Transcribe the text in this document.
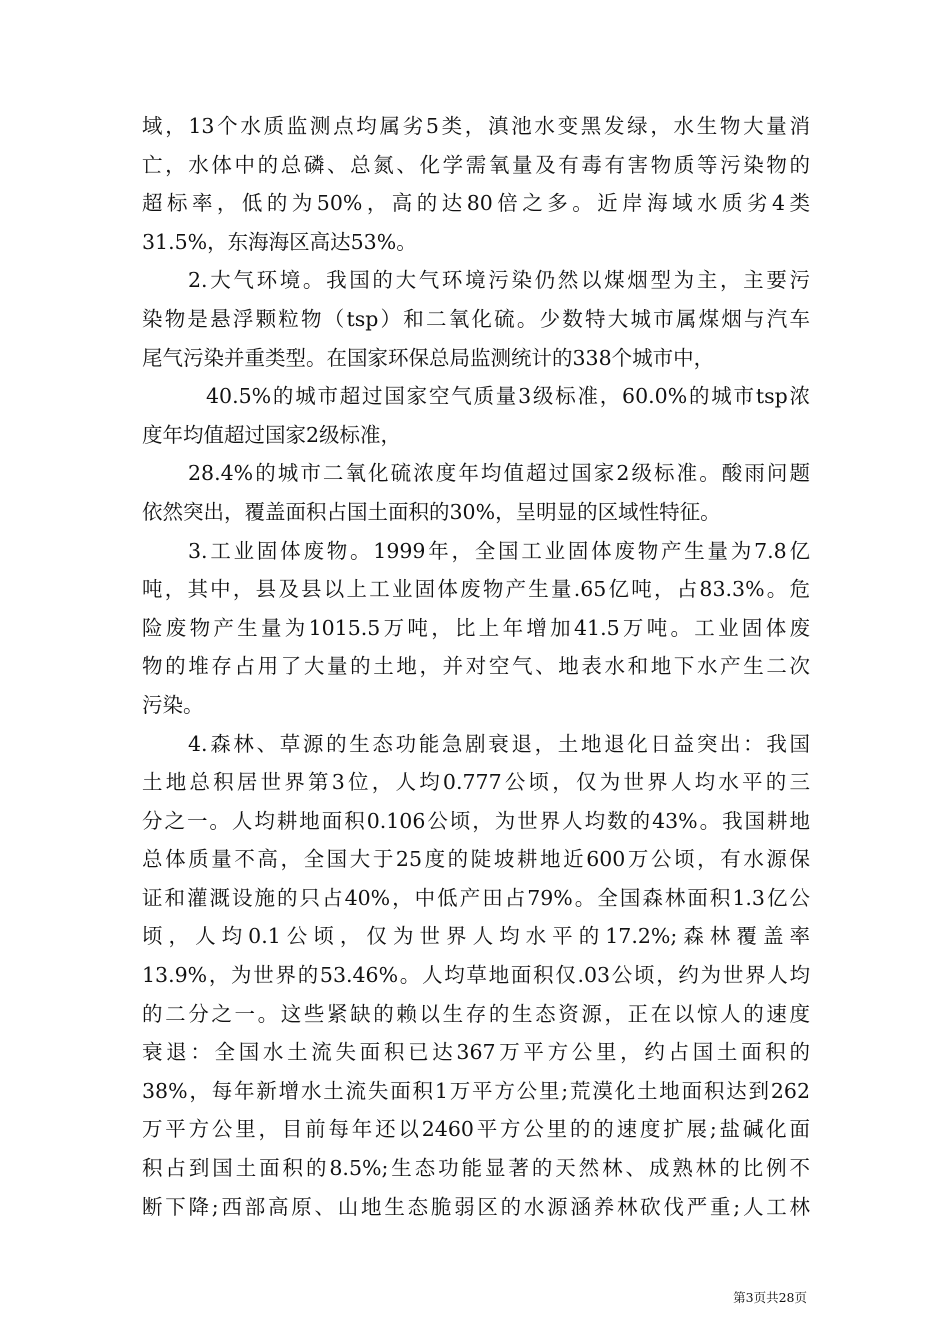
域，13个水质监测点均属劣5类，滇池水变黑发绿，水生物大量消
亡，水体中的总磷、总氮、化学需氧量及有毒有害物质等污染物的
超标率，低的为50%，高的达80倍之多。近岸海域水质劣4类
31.5%，东海海区高达53%。
2.大气环境。我国的大气环境污染仍然以煤烟型为主，主要污
染物是悬浮颗粒物（tsp）和二氧化硫。少数特大城市属煤烟与汽车
尾气污染并重类型。在国家环保总局监测统计的338个城市中，
40.5%的城市超过国家空气质量3级标准，60.0%的城市tsp浓
度年均值超过国家2级标准，
28.4%的城市二氧化硫浓度年均值超过国家2级标准。酸雨问题
依然突出，覆盖面积占国土面积的30%，呈明显的区域性特征。
3.工业固体废物。1999年，全国工业固体废物产生量为7.8亿
吨，其中，县及县以上工业固体废物产生量.65亿吨，占83.3%。危
险废物产生量为1015.5万吨，比上年增加41.5万吨。工业固体废
物的堆存占用了大量的土地，并对空气、地表水和地下水产生二次
污染。
4.森林、草源的生态功能急剧衰退，土地退化日益突出：我国
土地总积居世界第3位，人均0.777公顷，仅为世界人均水平的三
分之一。人均耕地面积0.106公顷，为世界人均数的43%。我国耕地
总体质量不高，全国大于25度的陡坡耕地近600万公顷，有水源保
证和灌溉设施的只占40%，中低产田占79%。全国森林面积1.3亿公
顷，人均0.1公顷，仅为世界人均水平的17.2%;森林覆盖率
13.9%，为世界的53.46%。人均草地面积仅.03公顷，约为世界人均
的二分之一。这些紧缺的赖以生存的生态资源，正在以惊人的速度
衰退：全国水土流失面积已达367万平方公里，约占国土面积的
38%，每年新增水土流失面积1万平方公里;荒漠化土地面积达到262
万平方公里，目前每年还以2460平方公里的的速度扩展;盐碱化面
积占到国土面积的8.5%;生态功能显著的天然林、成熟林的比例不
断下降;西部高原、山地生态脆弱区的水源涵养林砍伐严重;人工林
第3页共28页
